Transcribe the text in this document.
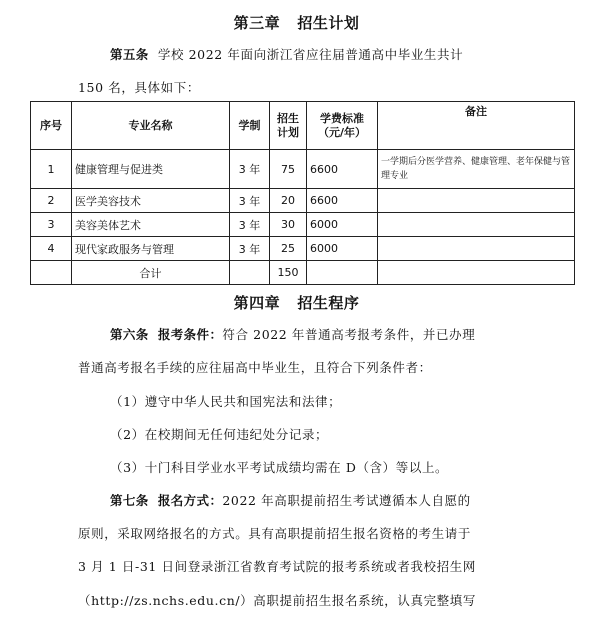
第三章   招生计划
第五条 学校 2022 年面向浙江省应往届普通高中毕业生共计
150 名，具体如下：
序号	专业名称	学制	招生计划	学费标准（元/年）	备注
1	健康管理与促进类	3 年	75	6600	一学期后分医学营养、健康管理、老年保健与管理专业
2	医学美容技术	3 年	20	6600	
3	美容美体艺术	3 年	30	6000	
4	现代家政服务与管理	3 年	25	6000	
	合计		150		
第四章   招生程序
第六条 报考条件：符合 2022 年普通高考报考条件，并已办理
普通高考报名手续的应往届高中毕业生，且符合下列条件者：
（1）遵守中华人民共和国宪法和法律；
（2）在校期间无任何违纪处分记录；
（3）十门科目学业水平考试成绩均需在 D（含）等以上。
第七条 报名方式：2022 年高职提前招生考试遵循本人自愿的
原则，采取网络报名的方式。具有高职提前招生报名资格的考生请于
3 月 1 日-31 日间登录浙江省教育考试院的报考系统或者我校招生网
（http://zs.nchs.edu.cn/）高职提前招生报名系统，认真完整填写
